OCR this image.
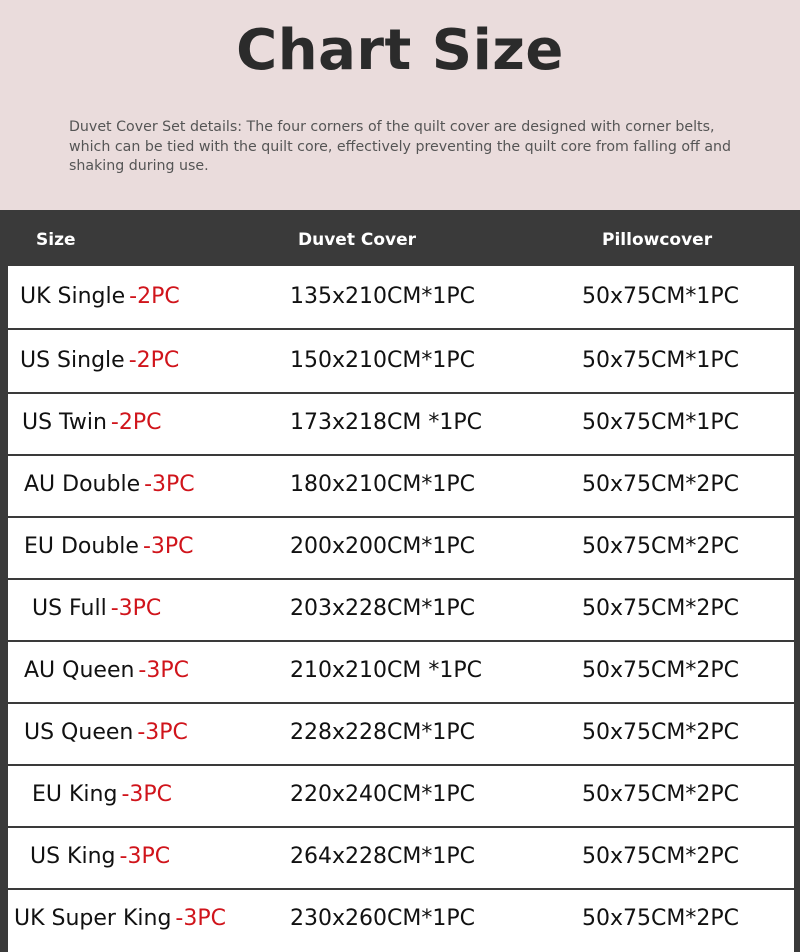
Chart Size
Duvet Cover Set details: The four corners of the quilt cover are designed with corner belts, which can be tied with the quilt core, effectively preventing the quilt core from falling off and shaking during use.
Size	Duvet Cover	Pillowcover
UK Single -2PC	135x210CM*1PC	50x75CM*1PC
US Single -2PC	150x210CM*1PC	50x75CM*1PC
US Twin -2PC	173x218CM *1PC	50x75CM*1PC
AU Double -3PC	180x210CM*1PC	50x75CM*2PC
EU Double -3PC	200x200CM*1PC	50x75CM*2PC
US Full -3PC	203x228CM*1PC	50x75CM*2PC
AU Queen -3PC	210x210CM *1PC	50x75CM*2PC
US Queen -3PC	228x228CM*1PC	50x75CM*2PC
EU King -3PC	220x240CM*1PC	50x75CM*2PC
US King -3PC	264x228CM*1PC	50x75CM*2PC
UK Super King -3PC	230x260CM*1PC	50x75CM*2PC
